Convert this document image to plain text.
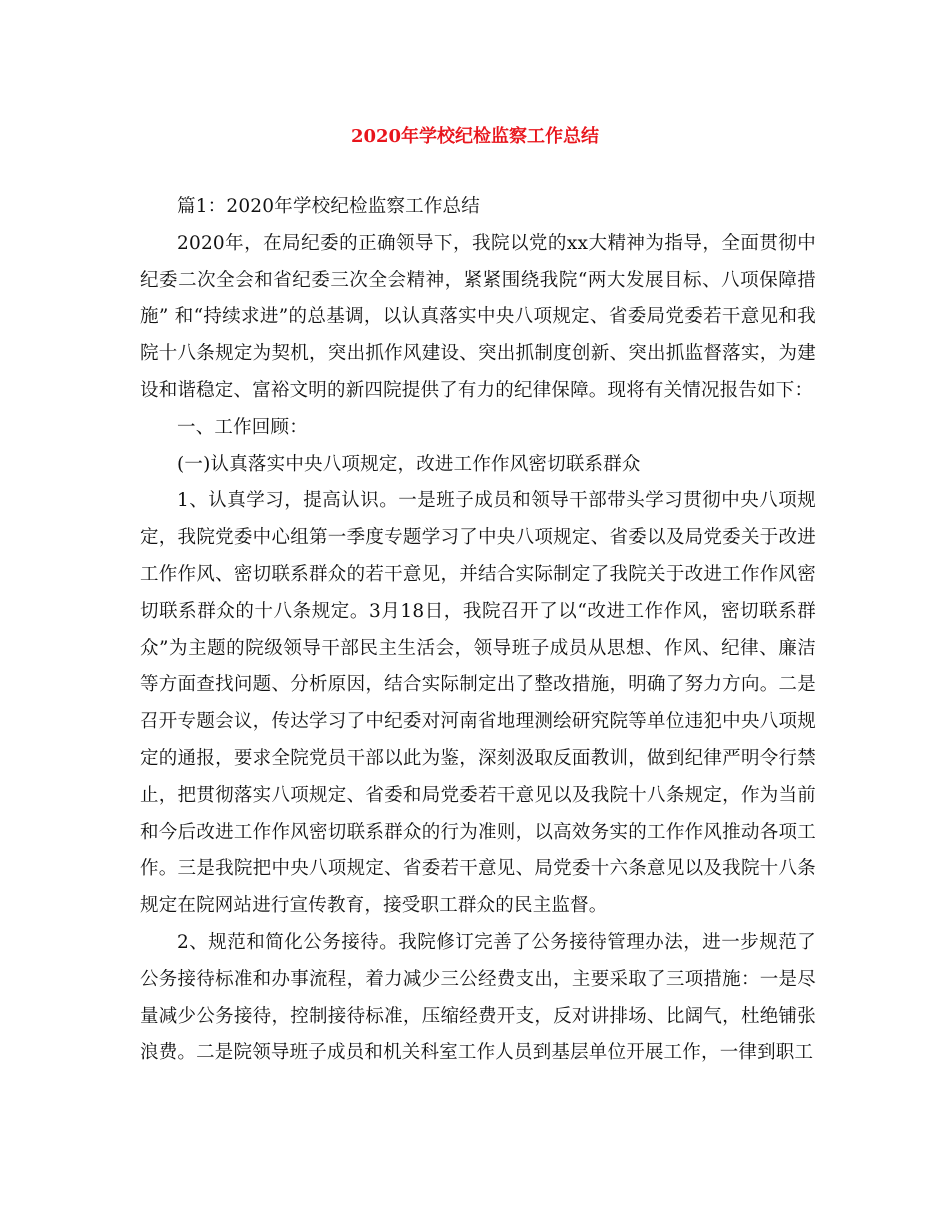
2020年学校纪检监察工作总结

篇1：2020年学校纪检监察工作总结

2020年，在局纪委的正确领导下，我院以党的xx大精神为指导，全面贯彻中纪委二次全会和省纪委三次全会精神，紧紧围绕我院“两大发展目标、八项保障措施” 和“持续求进”的总基调，以认真落实中央八项规定、省委局党委若干意见和我院十八条规定为契机，突出抓作风建设、突出抓制度创新、突出抓监督落实，为建设和谐稳定、富裕文明的新四院提供了有力的纪律保障。现将有关情况报告如下：

一、工作回顾：

(一)认真落实中央八项规定，改进工作作风密切联系群众

1、认真学习，提高认识。一是班子成员和领导干部带头学习贯彻中央八项规定，我院党委中心组第一季度专题学习了中央八项规定、省委以及局党委关于改进工作作风、密切联系群众的若干意见，并结合实际制定了我院关于改进工作作风密切联系群众的十八条规定。3月18日，我院召开了以“改进工作作风，密切联系群众”为主题的院级领导干部民主生活会，领导班子成员从思想、作风、纪律、廉洁等方面查找问题、分析原因，结合实际制定出了整改措施，明确了努力方向。二是召开专题会议，传达学习了中纪委对河南省地理测绘研究院等单位违犯中央八项规定的通报，要求全院党员干部以此为鉴，深刻汲取反面教训，做到纪律严明令行禁止，把贯彻落实八项规定、省委和局党委若干意见以及我院十八条规定，作为当前和今后改进工作作风密切联系群众的行为准则，以高效务实的工作作风推动各项工作。三是我院把中央八项规定、省委若干意见、局党委十六条意见以及我院十八条规定在院网站进行宣传教育，接受职工群众的民主监督。

2、规范和简化公务接待。我院修订完善了公务接待管理办法，进一步规范了公务接待标准和办事流程，着力减少三公经费支出，主要采取了三项措施：一是尽量减少公务接待，控制接待标准，压缩经费开支，反对讲排场、比阔气，杜绝铺张浪费。二是院领导班子成员和机关科室工作人员到基层单位开展工作，一律到职工
